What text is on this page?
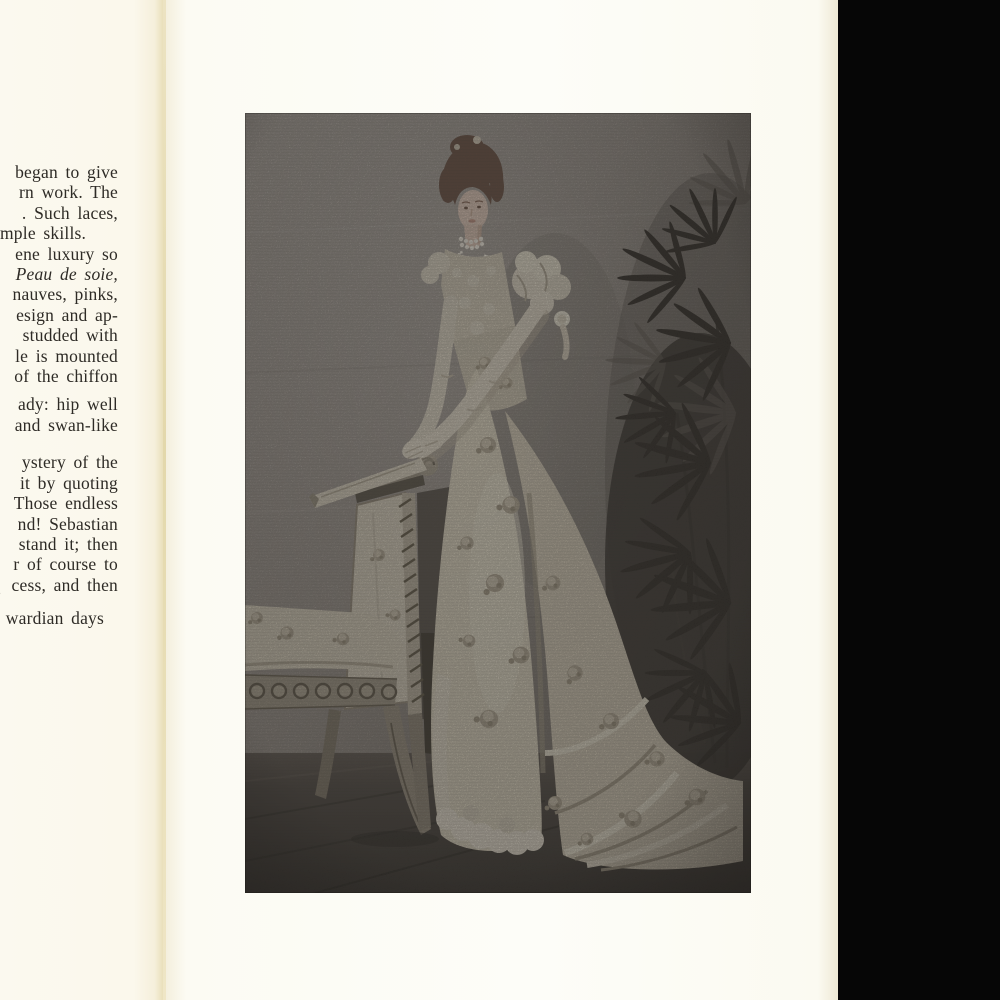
began to give
rn work. The
. Such laces,
mple skills.
ene luxury so
Peau de soie,
nauves, pinks,
esign and ap-
studded with
le is mounted
of the chiffon
ady: hip well
and swan-like
ystery of the
it by quoting
Those endless
nd! Sebastian
stand it; then
r of course to
cess, and then
wardian days
